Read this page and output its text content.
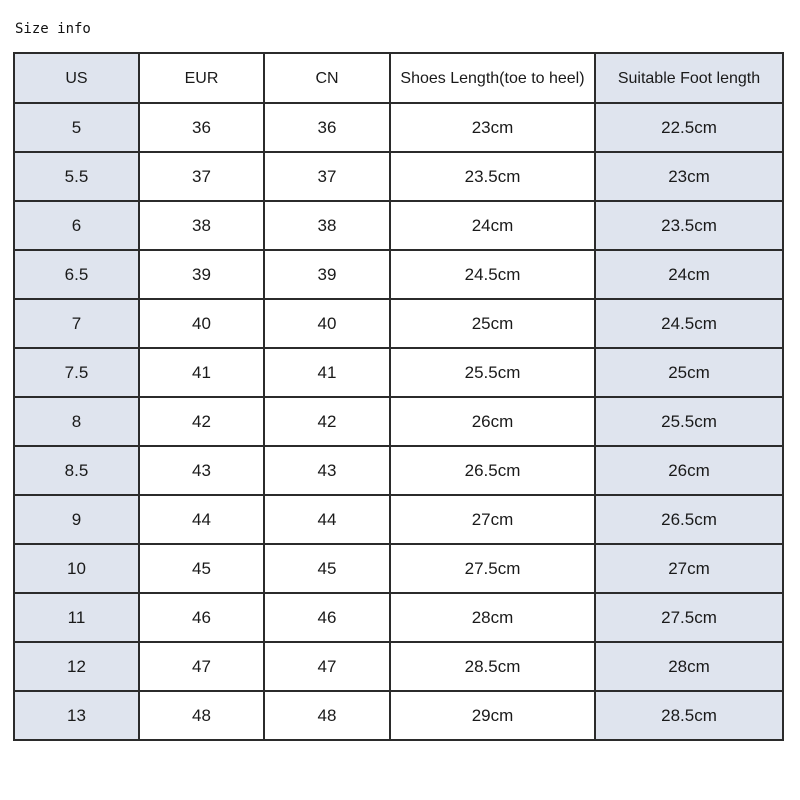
Size info
US	EUR	CN	Shoes Length(toe to heel)	Suitable Foot length
5	36	36	23cm	22.5cm
5.5	37	37	23.5cm	23cm
6	38	38	24cm	23.5cm
6.5	39	39	24.5cm	24cm
7	40	40	25cm	24.5cm
7.5	41	41	25.5cm	25cm
8	42	42	26cm	25.5cm
8.5	43	43	26.5cm	26cm
9	44	44	27cm	26.5cm
10	45	45	27.5cm	27cm
11	46	46	28cm	27.5cm
12	47	47	28.5cm	28cm
13	48	48	29cm	28.5cm
